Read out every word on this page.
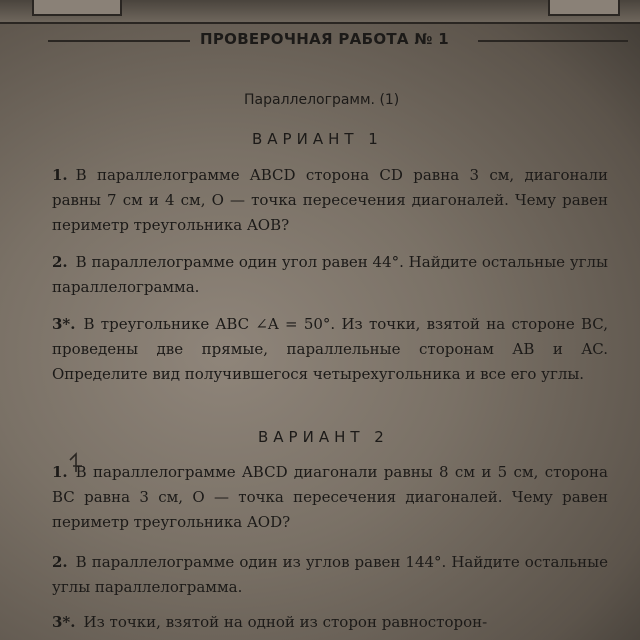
ПРОВЕРОЧНАЯ РАБОТА № 1
Параллелограмм. (1)
ВАРИАНТ 1
1. В параллелограмме ABCD сторона CD равна 3 см, диагонали равны 7 см и 4 см, O — точка пересечения диагоналей. Чему равен периметр треугольника AOB?
2. В параллелограмме один угол равен 44°. Найдите остальные углы параллелограмма.
3*. В треугольнике ABC ∠A = 50°. Из точки, взятой на стороне BC, проведены две прямые, параллельные сторонам AB и AC. Определите вид получившегося четырехугольника и все его углы.
ВАРИАНТ 2
1. В параллелограмме ABCD диагонали равны 8 см и 5 см, сторона BC равна 3 см, O — точка пересечения диагоналей. Чему равен периметр треугольника AOD?
2. В параллелограмме один из углов равен 144°. Найдите остальные углы параллелограмма.
3*. Из точки, взятой на одной из сторон равносторон-
